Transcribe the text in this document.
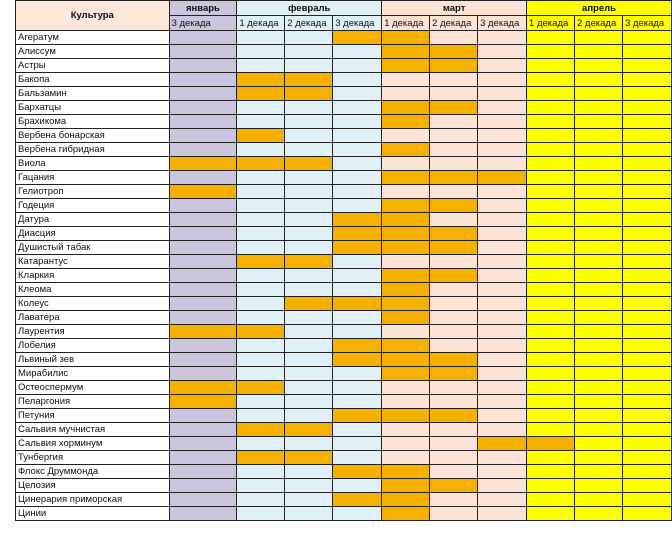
Культура	январь	февраль			март			апрель		
	3 декада	1 декада	2 декада	3 декада	1 декада	2 декада	3 декада	1 декада	2 декада	3 декада
Агератум										
Алиссум										
Астры										
Бакопа										
Бальзамин										
Бархатцы										
Брахикома										
Вербена бонарская										
Вербена гибридная										
Виола										
Гацания										
Гелиотроп										
Годеция										
Датура										
Диасция										
Душистый табак										
Катарантус										
Кларкия										
Клеома										
Колеус										
Лаватера										
Лаурентия										
Лобелия										
Львиный зев										
Мирабилис										
Остеоспермум										
Пеларгония										
Петуния										
Сальвия мучнистая										
Сальвия хорминум										
Тунбергия										
Флокс Друммонда										
Целозия										
Цинерария приморская										
Цинии										
